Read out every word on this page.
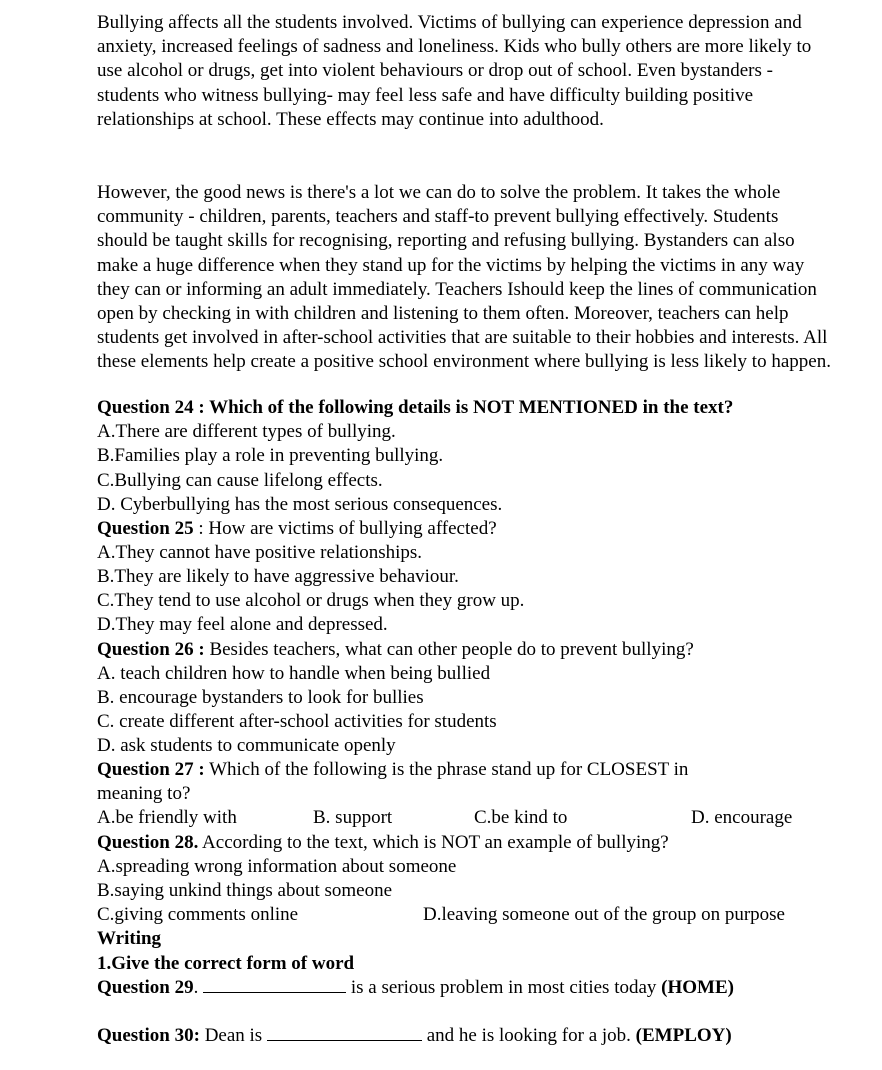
Bullying affects all the students involved. Victims of bullying can experience depression and anxiety, increased feelings of sadness and loneliness. Kids who bully others are more likely to use alcohol or drugs, get into violent behaviours or drop out of school. Even bystanders - students who witness bullying- may feel less safe and have difficulty building positive relationships at school. These effects may continue into adulthood.

However, the good news is there's a lot we can do to solve the problem. It takes the whole community - children, parents, teachers and staff-to prevent bullying effectively. Students should be taught skills for recognising, reporting and refusing bullying. Bystanders can also make a huge difference when they stand up for the victims by helping the victims in any way they can or informing an adult immediately. Teachers Ishould keep the lines of communication open by checking in with children and listening to them often. Moreover, teachers can help students get involved in after-school activities that are suitable to their hobbies and interests. All these elements help create a positive school environment where bullying is less likely to happen.

Question 24 : Which of the following details is NOT MENTIONED in the text?
A.There are different types of bullying.
B.Families play a role in preventing bullying.
C.Bullying can cause lifelong effects.
D. Cyberbullying has the most serious consequences.
Question 25 : How are victims of bullying affected?
A.They cannot have positive relationships.
B.They are likely to have aggressive behaviour.
C.They tend to use alcohol or drugs when they grow up.
D.They may feel alone and depressed.
Question 26 : Besides teachers, what can other people do to prevent bullying?
A. teach children how to handle when being bullied
B. encourage bystanders to look for bullies
C. create different after-school activities for students
D. ask students to communicate openly
Question 27 : Which of the following is the phrase stand up for CLOSEST in
meaning to?
A.be friendly with	B. support	C.be kind to	D. encourage
Question 28. According to the text, which is NOT an example of bullying?
A.spreading wrong information about someone
B.saying unkind things about someone
C.giving comments online	D.leaving someone out of the group on purpose
Writing
1.Give the correct form of word
Question 29.	is a serious problem in most cities today (HOME)
Question 30: Dean is	and he is looking for a job. (EMPLOY)
